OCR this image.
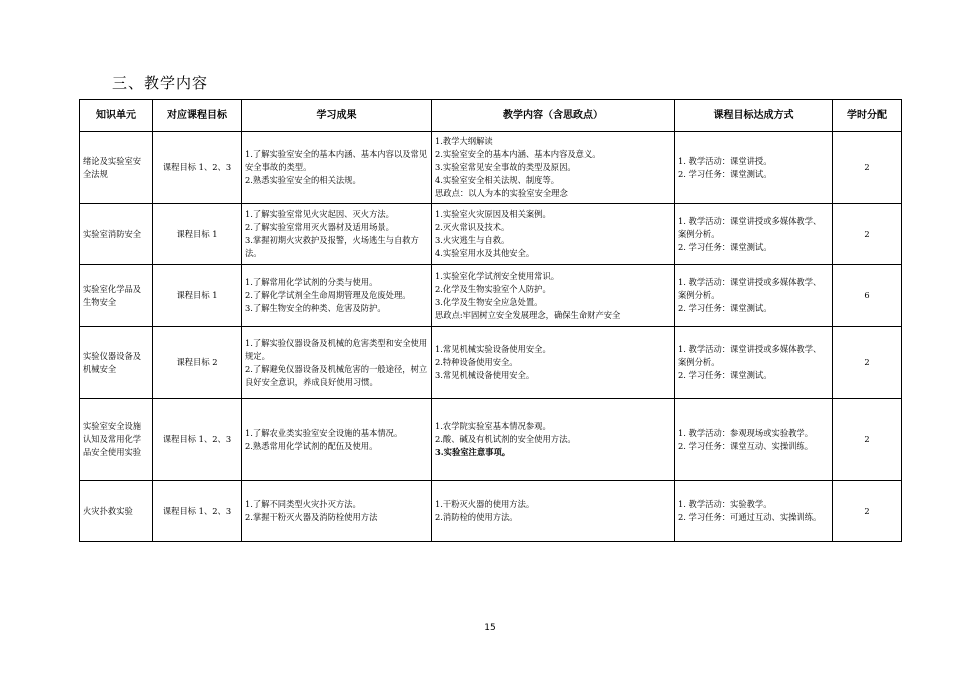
三、教学内容
知识单元	对应课程目标	学习成果	教学内容（含思政点）	课程目标达成方式	学时分配
绪论及实验室安全法规	课程目标 1、2、3	1.了解实验室安全的基本内涵、基本内容以及常见安全事故的类型。
2.熟悉实验室安全的相关法规。	1.教学大纲解读
2.实验室安全的基本内涵、基本内容及意义。
3.实验室常见安全事故的类型及原因。
4.实验室安全相关法规、制度等。
思政点：以人为本的实验室安全理念	1. 教学活动：课堂讲授。
2. 学习任务：课堂测试。	2
实验室消防安全	课程目标 1	1.了解实验室常见火灾起因、灭火方法。
2.了解实验室常用灭火器材及适用场景。
3.掌握初期火灾救护及报警，火场逃生与自救方法。	1.实验室火灾原因及相关案例。
2.灭火常识及技术。
3.火灾逃生与自救。
4.实验室用水及其他安全。	1. 教学活动：课堂讲授或多媒体教学、案例分析。
2. 学习任务：课堂测试。	2
实验室化学品及生物安全	课程目标 1	1.了解常用化学试剂的分类与使用。
2.了解化学试剂全生命周期管理及危废处理。
3.了解生物安全的种类、危害及防护。	1.实验室化学试剂安全使用常识。
2.化学及生物实验室个人防护。
3.化学及生物安全应急处置。
思政点:牢固树立安全发展理念，确保生命财产安全	1. 教学活动：课堂讲授或多媒体教学、案例分析。
2. 学习任务：课堂测试。	6
实验仪器设备及机械安全	课程目标 2	1.了解实验仪器设备及机械的危害类型和安全使用规定。
2.了解避免仪器设备及机械危害的一般途径，树立良好安全意识，养成良好使用习惯。	1.常见机械实验设备使用安全。
2.特种设备使用安全。
3.常见机械设备使用安全。	1. 教学活动：课堂讲授或多媒体教学、案例分析。
2. 学习任务：课堂测试。	2
实验室安全设施认知及常用化学品安全使用实验	课程目标 1、2、3	1.了解农业类实验室安全设施的基本情况。
2.熟悉常用化学试剂的配伍及使用。	1.农学院实验室基本情况参观。
2.酸、碱及有机试剂的安全使用方法。
3.实验室注意事项。	1. 教学活动：参观现场或实验教学。
2. 学习任务：课堂互动、实操训练。	2
火灾扑救实验	课程目标 1、2、3	1.了解不同类型火灾扑灭方法。
2.掌握干粉灭火器及消防栓使用方法	1.干粉灭火器的使用方法。
2.消防栓的使用方法。	1. 教学活动：实验教学。
2. 学习任务：可通过互动、实操训练。	2
15
